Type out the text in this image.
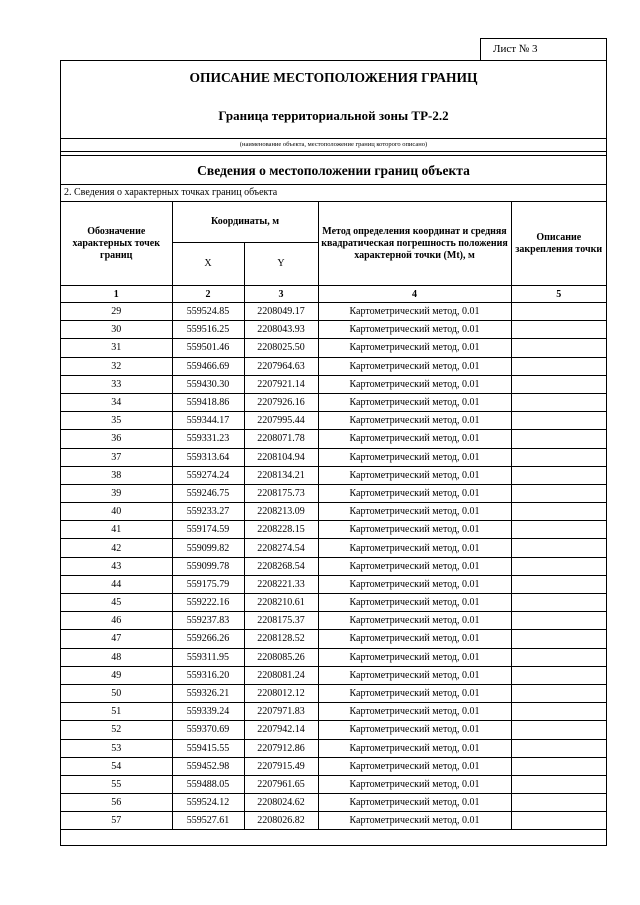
Лист № 3
ОПИСАНИЕ МЕСТОПОЛОЖЕНИЯ ГРАНИЦ
Граница территориальной зоны ТР-2.2
(наименование объекта, местоположение границ которого описано)
Сведения о местоположении границ объекта
2. Сведения о характерных точках границ объекта
Обозначение характерных точек границ	Координаты, м		Метод определения координат и средняя квадратическая погрешность положения характерной точки (Mt), м	Описание закрепления точки
	X	Y		
1	2	3	4	5
29	559524.85	2208049.17	Картометрический метод, 0.01	
30	559516.25	2208043.93	Картометрический метод, 0.01	
31	559501.46	2208025.50	Картометрический метод, 0.01	
32	559466.69	2207964.63	Картометрический метод, 0.01	
33	559430.30	2207921.14	Картометрический метод, 0.01	
34	559418.86	2207926.16	Картометрический метод, 0.01	
35	559344.17	2207995.44	Картометрический метод, 0.01	
36	559331.23	2208071.78	Картометрический метод, 0.01	
37	559313.64	2208104.94	Картометрический метод, 0.01	
38	559274.24	2208134.21	Картометрический метод, 0.01	
39	559246.75	2208175.73	Картометрический метод, 0.01	
40	559233.27	2208213.09	Картометрический метод, 0.01	
41	559174.59	2208228.15	Картометрический метод, 0.01	
42	559099.82	2208274.54	Картометрический метод, 0.01	
43	559099.78	2208268.54	Картометрический метод, 0.01	
44	559175.79	2208221.33	Картометрический метод, 0.01	
45	559222.16	2208210.61	Картометрический метод, 0.01	
46	559237.83	2208175.37	Картометрический метод, 0.01	
47	559266.26	2208128.52	Картометрический метод, 0.01	
48	559311.95	2208085.26	Картометрический метод, 0.01	
49	559316.20	2208081.24	Картометрический метод, 0.01	
50	559326.21	2208012.12	Картометрический метод, 0.01	
51	559339.24	2207971.83	Картометрический метод, 0.01	
52	559370.69	2207942.14	Картометрический метод, 0.01	
53	559415.55	2207912.86	Картометрический метод, 0.01	
54	559452.98	2207915.49	Картометрический метод, 0.01	
55	559488.05	2207961.65	Картометрический метод, 0.01	
56	559524.12	2208024.62	Картометрический метод, 0.01	
57	559527.61	2208026.82	Картометрический метод, 0.01	
